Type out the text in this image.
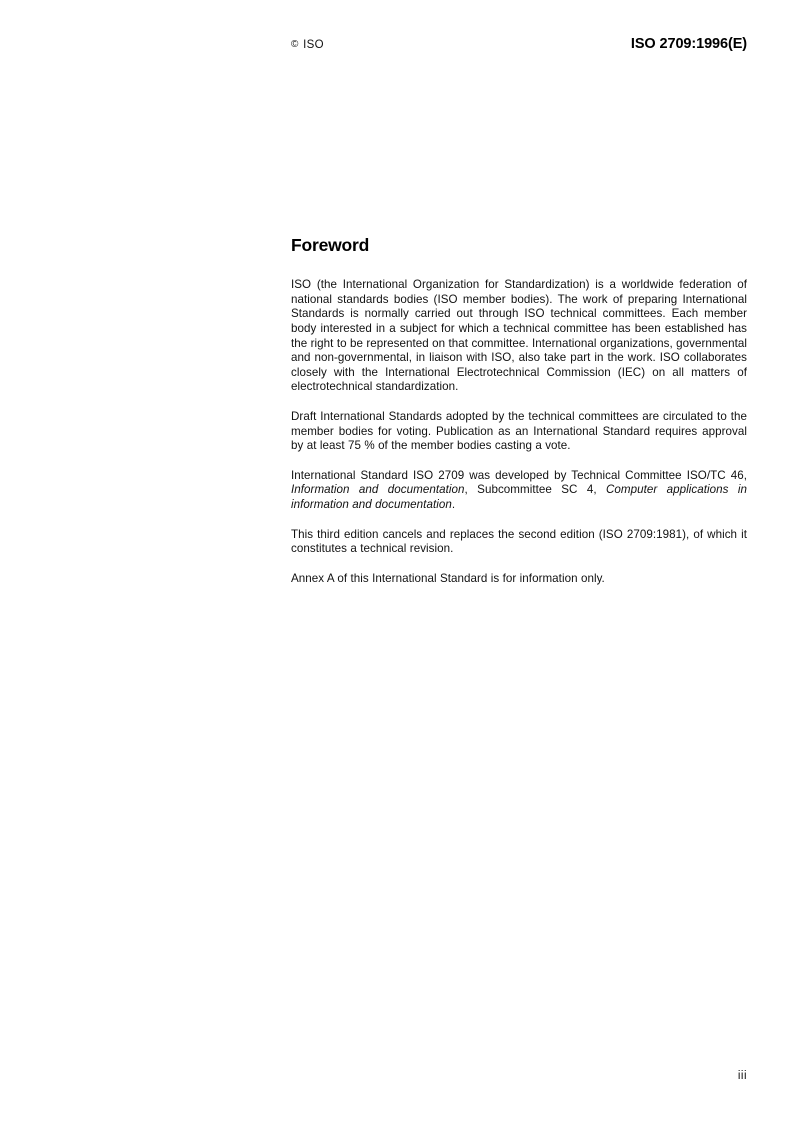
© ISO	ISO 2709:1996(E)
Foreword

ISO (the International Organization for Standardization) is a worldwide federation of national standards bodies (ISO member bodies). The work of preparing International Standards is normally carried out through ISO technical committees. Each member body interested in a subject for which a technical committee has been established has the right to be represented on that committee. International organizations, governmental and non-governmental, in liaison with ISO, also take part in the work. ISO collaborates closely with the International Electrotechnical Commission (IEC) on all matters of electrotechnical standardization.

Draft International Standards adopted by the technical committees are circulated to the member bodies for voting. Publication as an International Standard requires approval by at least 75 % of the member bodies casting a vote.

International Standard ISO 2709 was developed by Technical Committee ISO/TC 46, Information and documentation, Subcommittee SC 4, Computer applications in information and documentation.

This third edition cancels and replaces the second edition (ISO 2709:1981), of which it constitutes a technical revision.

Annex A of this International Standard is for information only.

iii
